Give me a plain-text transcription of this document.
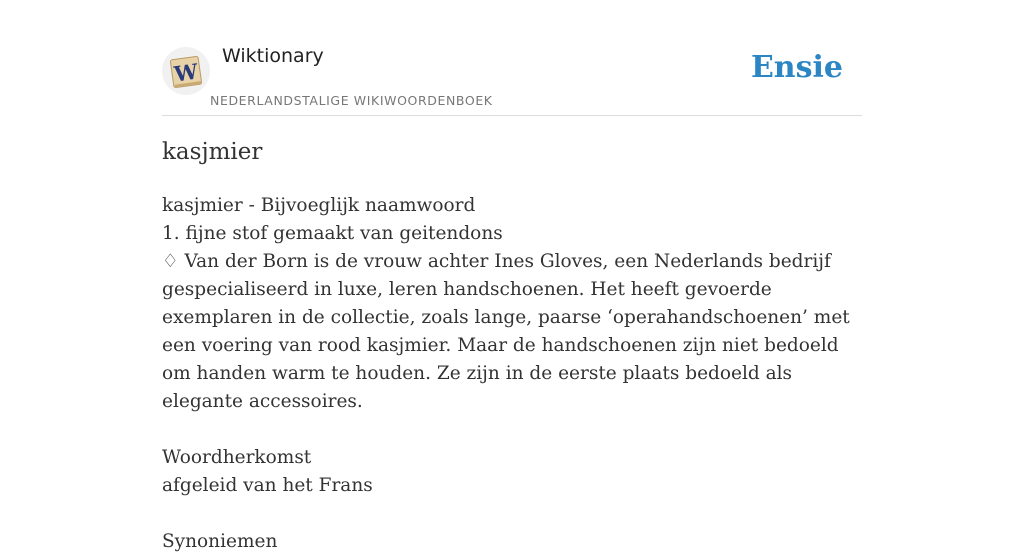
W
Wiktionary
NEDERLANDSTALIGE WIKIWOORDENBOEK
Ensie
kasjmier

kasjmier - Bijvoeglijk naamwoord

1. fijne stof gemaakt van geitendons

♢ Van der Born is de vrouw achter Ines Gloves, een Nederlands bedrijf gespecialiseerd in luxe, leren handschoenen. Het heeft gevoerde exemplaren in de collectie, zoals lange, paarse ‘operahandschoenen’ met een voering van rood kasjmier. Maar de handschoenen zijn niet bedoeld om handen warm te houden. Ze zijn in de eerste plaats bedoeld als elegante accessoires.

Woordherkomst

afgeleid van het Frans

Synoniemen
